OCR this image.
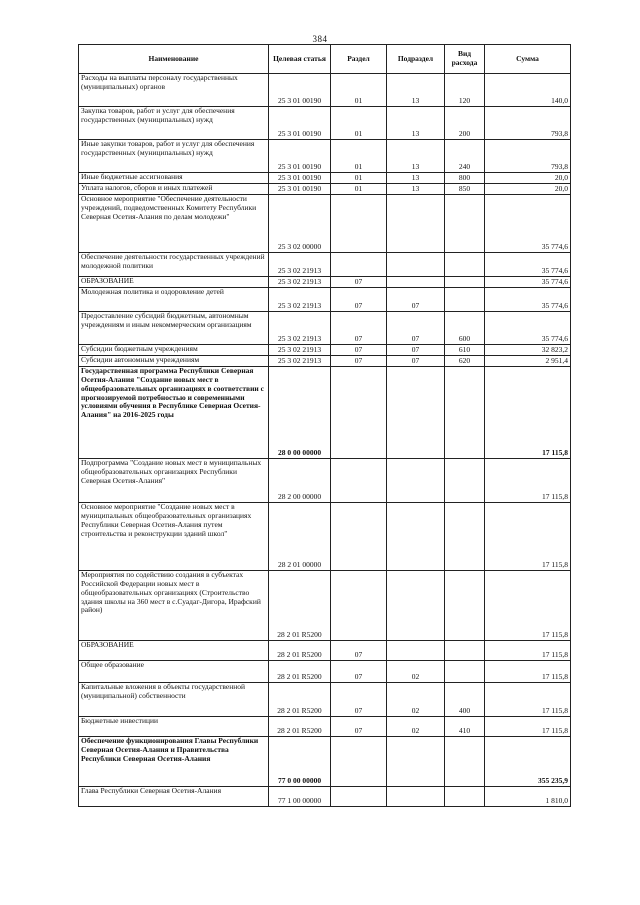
384
Наименование	Целевая статья	Раздел	Подраздел	Вид расхода	Сумма
Расходы на выплаты персоналу государственных (муниципальных) органов	25 3 01 00190	01	13	120	140,0
Закупка товаров, работ и услуг для обеспечения государственных (муниципальных) нужд	25 3 01 00190	01	13	200	793,8
Иные закупки товаров, работ и услуг для обеспечения государственных (муниципальных) нужд	25 3 01 00190	01	13	240	793,8
Иные бюджетные ассигнования	25 3 01 00190	01	13	800	20,0
Уплата налогов, сборов и иных платежей	25 3 01 00190	01	13	850	20,0
Основное мероприятие "Обеспечение деятельности учреждений, подведомственных Комитету Республики Северная Осетия-Алания по делам молодежи"	25 3 02 00000				35 774,6
Обеспечение деятельности государственных учреждений молодежной политики	25 3 02 21913				35 774,6
ОБРАЗОВАНИЕ	25 3 02 21913	07			35 774,6
Молодежная политика и оздоровление детей	25 3 02 21913	07	07		35 774,6
Предоставление субсидий бюджетным, автономным учреждениям и иным некоммерческим организациям	25 3 02 21913	07	07	600	35 774,6
Субсидии бюджетным учреждениям	25 3 02 21913	07	07	610	32 823,2
Субсидии автономным учреждениям	25 3 02 21913	07	07	620	2 951,4
Государственная программа Республики Северная Осетия-Алания "Создание новых мест в общеобразовательных организациях в соответствии с прогнозируемой потребностью и современными условиями обучения в Республике Северная Осетия-Алания" на 2016-2025 годы	28 0 00 00000				17 115,8
Подпрограмма "Создание новых мест в муниципальных общеобразовательных организациях Республики Северная Осетия-Алания"	28 2 00 00000				17 115,8
Основное мероприятие "Создание новых мест в муниципальных общеобразовательных организациях Республики Северная Осетия-Алания путем строительства и реконструкции зданий школ"	28 2 01 00000				17 115,8
Мероприятия по содействию создания в субъектах Российской Федерации новых мест в общеобразовательных организациях (Строительство здания школы на 360 мест в с.Суадаг-Дигора, Ирафский район)	28 2 01 R5200				17 115,8
ОБРАЗОВАНИЕ	28 2 01 R5200	07			17 115,8
Общее образование	28 2 01 R5200	07	02		17 115,8
Капитальные вложения в объекты государственной (муниципальной) собственности	28 2 01 R5200	07	02	400	17 115,8
Бюджетные инвестиции	28 2 01 R5200	07	02	410	17 115,8
Обеспечение функционирования Главы Республики Северная Осетия-Алания и Правительства Республики Северная Осетия-Алания	77 0 00 00000				355 235,9
Глава Республики Северная Осетия-Алания	77 1 00 00000				1 810,0
